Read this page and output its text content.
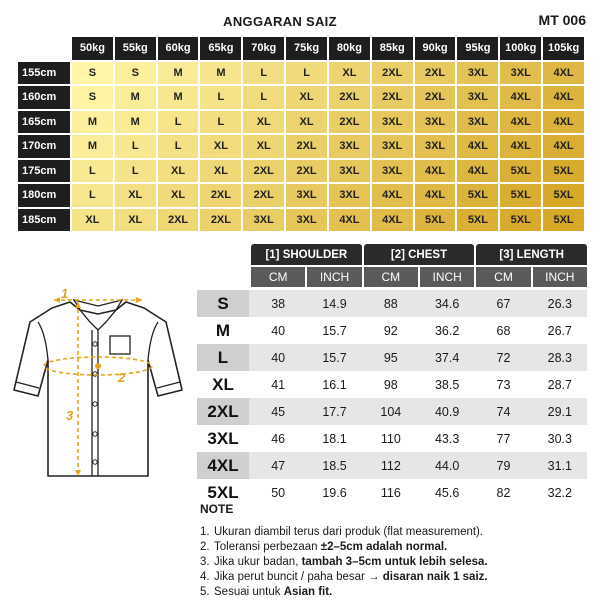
ANGGARAN SAIZ	MT 006
50kg	55kg	60kg	65kg	70kg	75kg	80kg	85kg	90kg	95kg	100kg	105kg
155cm	S	S	M	M	L	L	XL	2XL	2XL	3XL	3XL	4XL
160cm	S	M	M	L	L	XL	2XL	2XL	2XL	3XL	4XL	4XL
165cm	M	M	L	L	XL	XL	2XL	3XL	3XL	3XL	4XL	4XL
170cm	M	L	L	XL	XL	2XL	3XL	3XL	3XL	4XL	4XL	4XL
175cm	L	L	XL	XL	2XL	2XL	3XL	3XL	4XL	4XL	5XL	5XL
180cm	L	XL	XL	2XL	2XL	3XL	3XL	4XL	4XL	5XL	5XL	5XL
185cm	XL	XL	2XL	2XL	3XL	3XL	4XL	4XL	5XL	5XL	5XL	5XL
1
2
3
[1] SHOULDER	[2] CHEST	[3] LENGTH
CM	INCH	CM	INCH	CM	INCH
S	38	14.9	88	34.6	67	26.3
M	40	15.7	92	36.2	68	26.7
L	40	15.7	95	37.4	72	28.3
XL	41	16.1	98	38.5	73	28.7
2XL	45	17.7	104	40.9	74	29.1
3XL	46	18.1	110	43.3	77	30.3
4XL	47	18.5	112	44.0	79	31.1
5XL	50	19.6	116	45.6	82	32.2
NOTE
1. Ukuran diambil terus dari produk (flat measurement).
2. Toleransi perbezaan ±2–5cm adalah normal.
3. Jika ukur badan, tambah 3–5cm untuk lebih selesa.
4. Jika perut buncit / paha besar → disaran naik 1 saiz.
5. Sesuai untuk Asian fit.
